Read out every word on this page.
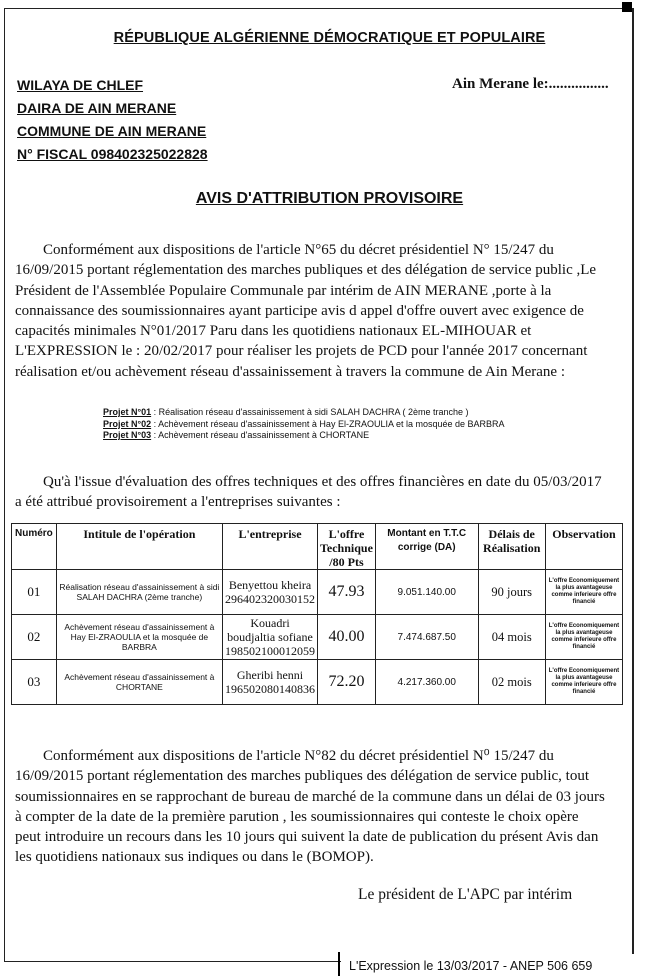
RÉPUBLIQUE ALGÉRIENNE DÉMOCRATIQUE ET POPULAIRE
WILAYA DE CHLEF
DAIRA DE AIN MERANE
COMMUNE DE AIN MERANE
N° FISCAL 098402325022828
Ain Merane le:................
AVIS D'ATTRIBUTION PROVISOIRE
Conformément aux dispositions de l'article N°65 du décret présidentiel N° 15/247 du
16/09/2015 portant réglementation des marches publiques et des délégation de service public ,Le
Président de l'Assemblée Populaire Communale par intérim de AIN MERANE ,porte à la
connaissance des soumissionnaires ayant participe avis d appel d'offre ouvert avec exigence de
capacités minimales N°01/2017 Paru dans les quotidiens nationaux EL-MIHOUAR et
L'EXPRESSION le : 20/02/2017 pour réaliser les projets de PCD pour l'année 2017 concernant
réalisation et/ou achèvement réseau d'assainissement à travers la commune de Ain Merane :
Projet N°01 : Réalisation réseau d'assainissement à sidi SALAH DACHRA ( 2ème tranche )
Projet N°02 : Achèvement réseau d'assainissement à Hay El-ZRAOULIA et la mosquée de BARBRA
Projet N°03 : Achèvement réseau d'assainissement à CHORTANE
Qu'à l'issue d'évaluation des offres techniques et des offres financières en date du 05/03/2017
a été attribué provisoirement a l'entreprises suivantes :
Numéro	Intitule de l'opération	L'entreprise	L'offre Technique /80 Pts	Montant en T.T.C corrige (DA)	Délais de Réalisation	Observation
01	Réalisation réseau d'assainissement à sidi SALAH DACHRA (2ème tranche)	Benyettou kheira
296402320030152	47.93	9.051.140.00	90 jours	L'offre Economiquement la plus avantageuse comme inferieure offre financié
02	Achèvement réseau d'assainissement à Hay El-ZRAOULIA et la mosquée de BARBRA	Kouadri boudjaltia sofiane
198502100012059	40.00	7.474.687.50	04 mois	L'offre Economiquement la plus avantageuse comme inferieure offre financié
03	Achèvement réseau d'assainissement à CHORTANE	Gheribi henni
196502080140836	72.20	4.217.360.00	02 mois	L'offre Economiquement la plus avantageuse comme inferieure offre financié
Conformément aux dispositions de l'article N°82 du décret présidentiel N⁰ 15/247 du
16/09/2015 portant réglementation des marches publiques des délégation de service public, tout
soumissionnaires en se rapprochant de bureau de marché de la commune dans un délai de 03 jours
à compter de la date de la première parution , les soumissionnaires qui conteste le choix opère
peut introduire un recours dans les 10 jours qui suivent la date de publication du présent Avis dan
les quotidiens nationaux sus indiques ou dans le (BOMOP).
Le président de L'APC par intérim
L'Expression le 13/03/2017 - ANEP 506 659
